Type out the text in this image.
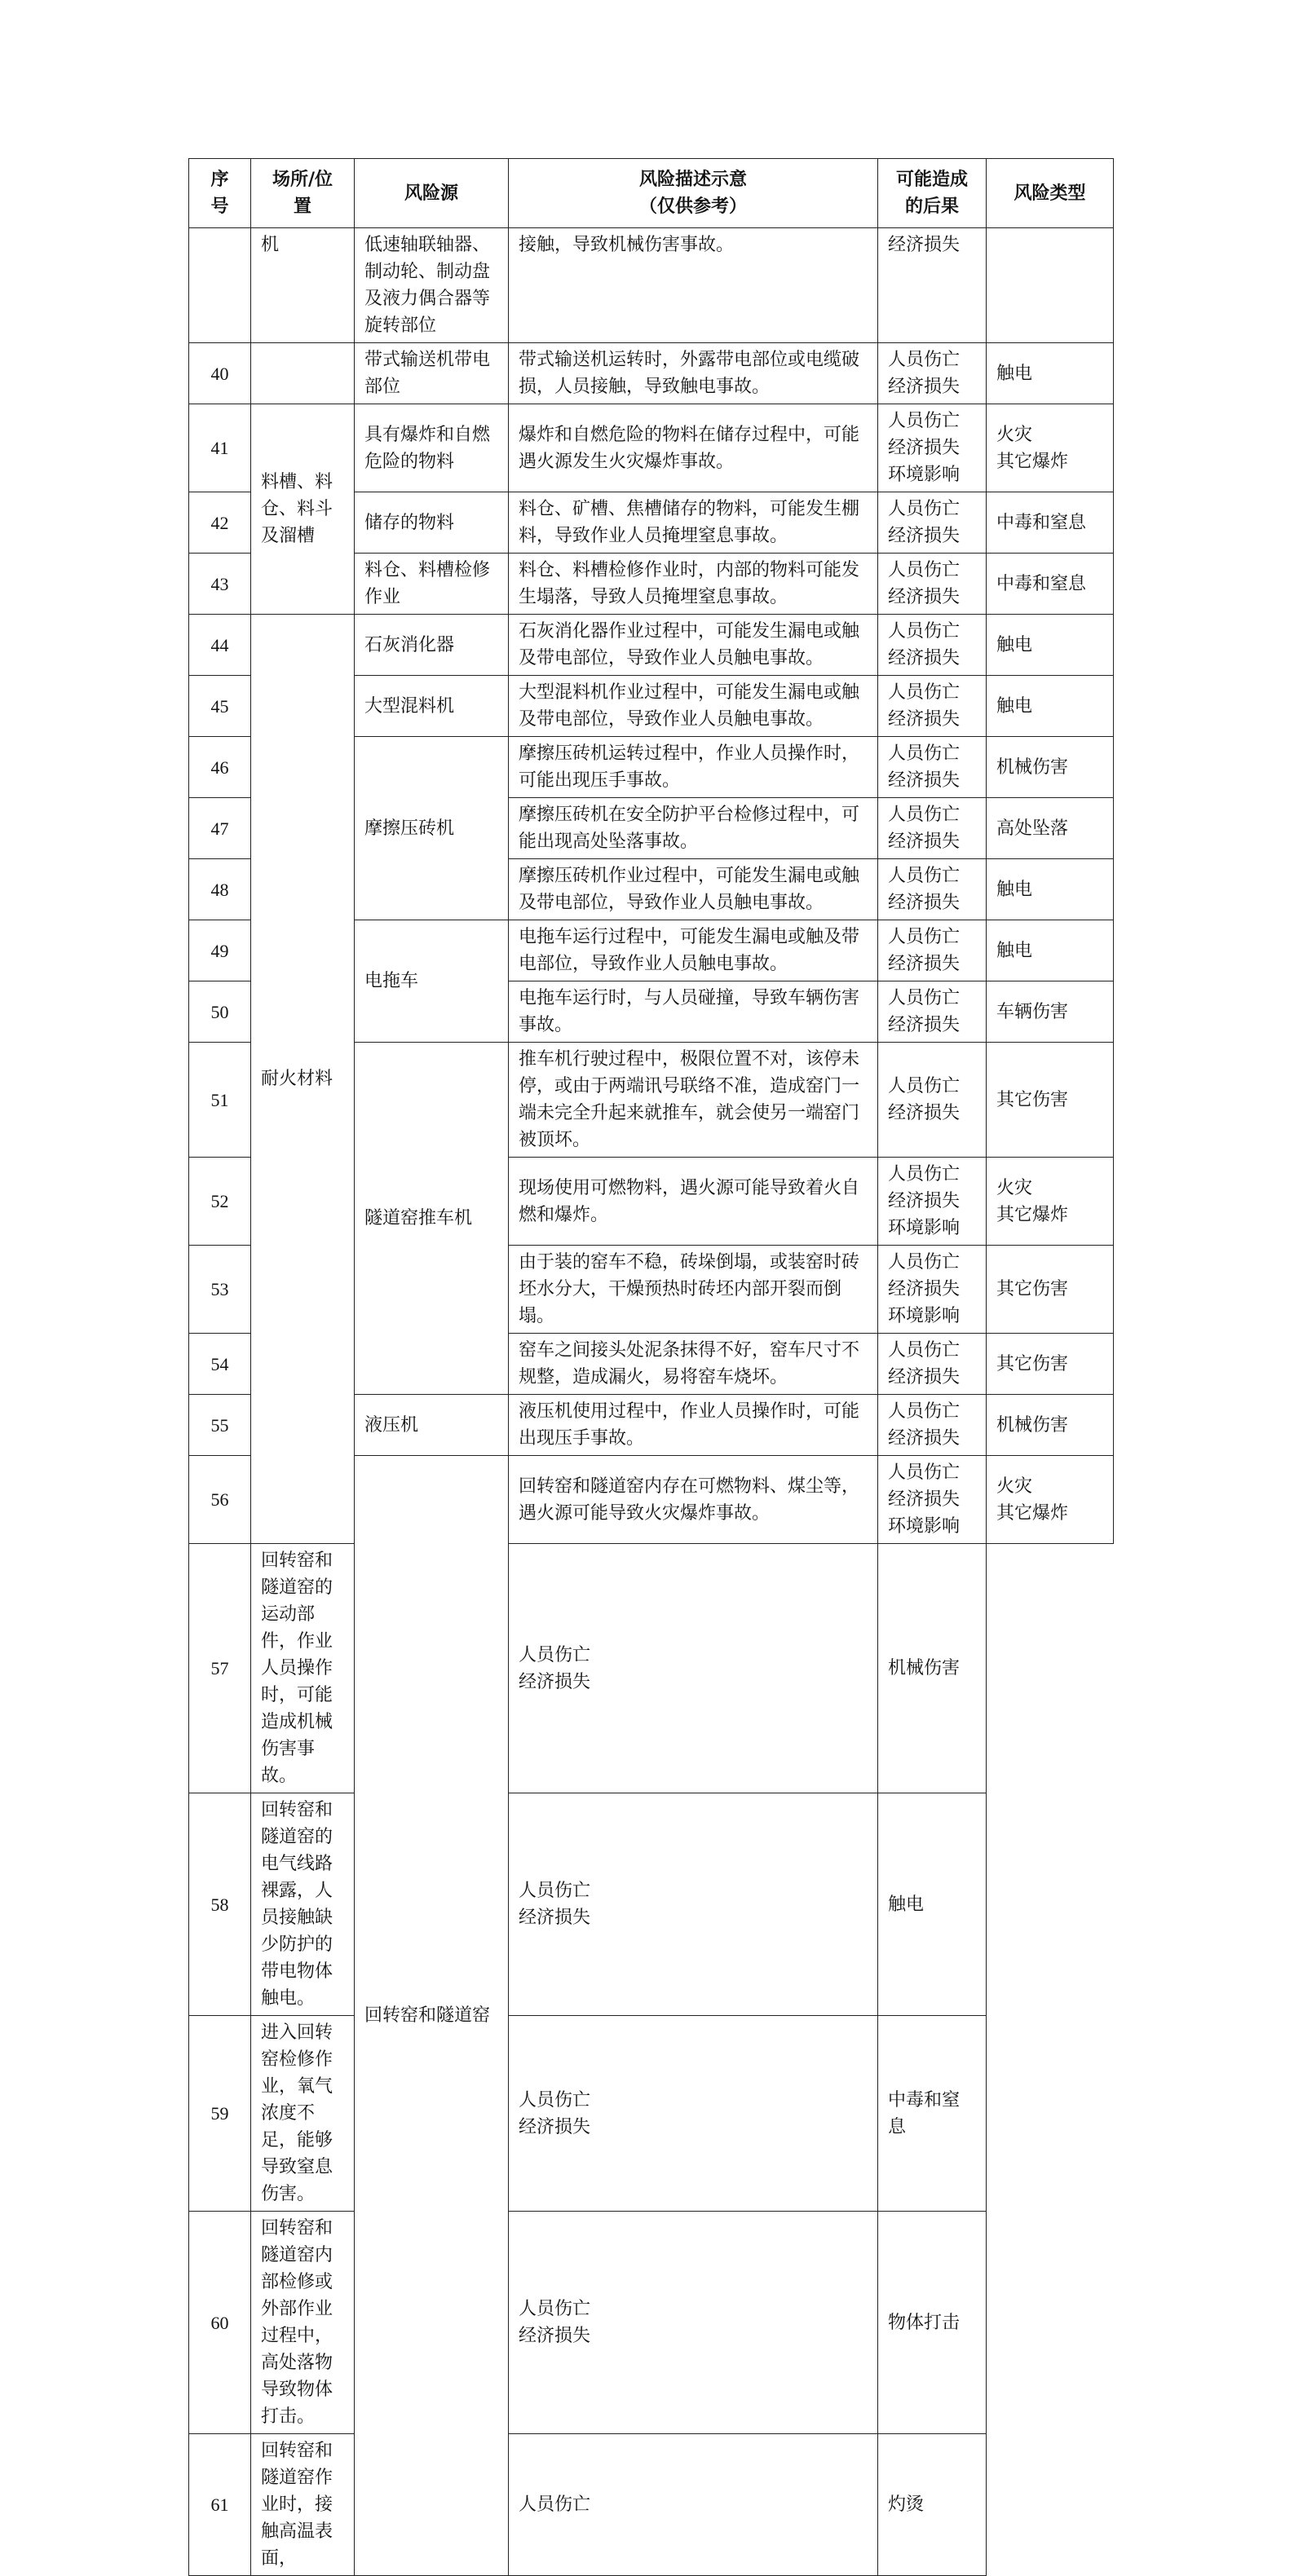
序
号	场所/位
置	风险源	风险描述示意
（仅供参考）	可能造成
的后果	风险类型
	机	低速轴联轴器、制动轮、制动盘及液力偶合器等旋转部位	接触，导致机械伤害事故。	经济损失	
40		带式输送机带电部位	带式输送机运转时，外露带电部位或电缆破损，人员接触，导致触电事故。	人员伤亡
经济损失	触电
41	料槽、料仓、料斗及溜槽	具有爆炸和自燃危险的物料	爆炸和自燃危险的物料在储存过程中，可能遇火源发生火灾爆炸事故。	人员伤亡
经济损失
环境影响	火灾
其它爆炸
42		储存的物料	料仓、矿槽、焦槽储存的物料，可能发生棚料，导致作业人员掩埋窒息事故。	人员伤亡
经济损失	中毒和窒息
43		料仓、料槽检修作业	料仓、料槽检修作业时，内部的物料可能发生塌落，导致人员掩埋窒息事故。	人员伤亡
经济损失	中毒和窒息
44	耐火材料	石灰消化器	石灰消化器作业过程中，可能发生漏电或触及带电部位，导致作业人员触电事故。	人员伤亡
经济损失	触电
45		大型混料机	大型混料机作业过程中，可能发生漏电或触及带电部位，导致作业人员触电事故。	人员伤亡
经济损失	触电
46		摩擦压砖机	摩擦压砖机运转过程中，作业人员操作时，可能出现压手事故。	人员伤亡
经济损失	机械伤害
47			摩擦压砖机在安全防护平台检修过程中，可能出现高处坠落事故。	人员伤亡
经济损失	高处坠落
48			摩擦压砖机作业过程中，可能发生漏电或触及带电部位，导致作业人员触电事故。	人员伤亡
经济损失	触电
49		电拖车	电拖车运行过程中，可能发生漏电或触及带电部位，导致作业人员触电事故。	人员伤亡
经济损失	触电
50			电拖车运行时，与人员碰撞，导致车辆伤害事故。	人员伤亡
经济损失	车辆伤害
51		隧道窑推车机	推车机行驶过程中，极限位置不对，该停未停，或由于两端讯号联络不准，造成窑门一端未完全升起来就推车，就会使另一端窑门被顶坏。	人员伤亡
经济损失	其它伤害
52			现场使用可燃物料，遇火源可能导致着火自燃和爆炸。	人员伤亡
经济损失
环境影响	火灾
其它爆炸
53			由于装的窑车不稳，砖垛倒塌，或装窑时砖坯水分大，干燥预热时砖坯内部开裂而倒塌。	人员伤亡
经济损失
环境影响	其它伤害
54			窑车之间接头处泥条抹得不好，窑车尺寸不规整，造成漏火，易将窑车烧坏。	人员伤亡
经济损失	其它伤害
55		液压机	液压机使用过程中，作业人员操作时，可能出现压手事故。	人员伤亡
经济损失	机械伤害
56		回转窑和隧道窑	回转窑和隧道窑内存在可燃物料、煤尘等，遇火源可能导致火灾爆炸事故。	人员伤亡
经济损失
环境影响	火灾
其它爆炸
57	回转窑和隧道窑的运动部件，作业人员操作时，可能造成机械伤害事故。		人员伤亡
经济损失	机械伤害	
58	回转窑和隧道窑的电气线路裸露，人员接触缺少防护的带电物体触电。		人员伤亡
经济损失	触电	
59	进入回转窑检修作业，氧气浓度不足，能够导致窒息伤害。		人员伤亡
经济损失	中毒和窒息	
60	回转窑和隧道窑内部检修或外部作业过程中，高处落物导致物体打击。		人员伤亡
经济损失	物体打击	
61	回转窑和隧道窑作业时，接触高温表面，		人员伤亡	灼烫	
